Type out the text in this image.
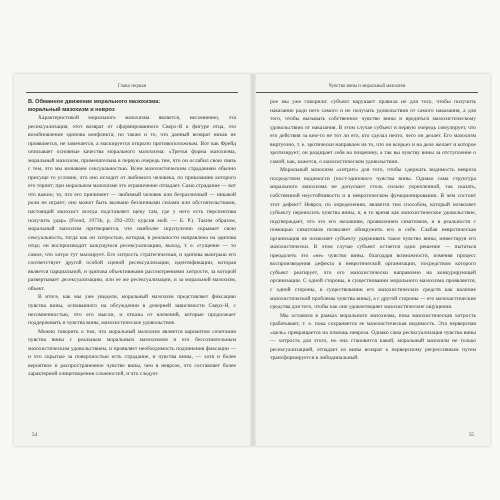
Глава первая

B. Обманное движение морального мазохизма:
моральный мазохизм и невроз

Характеристикой морального мазохизма является, несомненно, эта ресексуализация, этот возврат от сформированного Сверх-Я к фигуре отца, это возобновление эдипова конфликта; но также и то, что данный возврат никак не проявляется, не замечается, а маскируется открыто противоположным. Вот как Фрейд описывает основные качества морального мазохизма: «Третья форма мазохизма, моральный мазохизм, примечательна в первую очередь тем, что он ослабил свою связь с тем, что мы называем сексуальностью. Всем мазохистическим страданиям обычно присуще то условие, что оно исходит от любимого человека, по приказанию которого его терпят; при моральном мазохизме это ограничение отпадает. Само страдание — вот что важно; то, что его причиняет — любимый человек или безразличный — никакой роли не играет; оно может быть вызвано безличными силами или обстоятельствами, настоящий мазохист всегда подставляет щеку там, где у него есть перспектива получить удар» (Freud, 1973b, p. 292–293; курсив мой. — Б. Р.). Таким образом, моральный мазохизм притворяется, что наиболее скрупулезно скрывает свою сексуальность, тогда как он хитростью, которая, в реальности направлена на эдипова отца; он воспроизводит кажущуюся ресексуализацию, выход, т. е. сгущение — то самое, что хитро тут маскирует. Его хитрость стратегическая, и эдипова выигрыш его соответствует другой особой сценой ресексуализации, идентификации, которая является парциальной, и эдипова объективными рассмотрениями хитрости, за которой развертывает десексуализацию, или ее же ресексуализации, и за моральной мазохизм, объект.

В итоге, как мы уже увидели, моральный мазохизм представляет фиксацию чувства вины, основанного на обсуждении в дочерней зависимости Сверх-Я, с несомненностью, что его мысли, и отказы от влечений, которые продолжает поддерживать и чувства вины, мазохистическое удовольствие.

Можно говорить о том, что моральный мазохизм является вариантом сочетания чувства вины с реальным моральным мазохизмом и его бессознательным мазохистическим удовольствием, и проявляет необходимость подчинения фиксации — и что скрытые за поверхностью есть страдание, и чувства вины, — хотя и более вероятное и распространенное чувство вины, чем в неврозе, что составляет более характерной олицетворения сложностей, и что следует.

54

рое мы уже говорили: субъект нарушает правила не для того, чтобы получить наказание ради него самого и не получать удовольствия от самого наказания, а для того, чтобы вызывать собственное чувство вины и вредяться мазохистическому удовольствию от наказания. В этом случае субъект в первую очередь симулирует, что его действия за кем-то не тот ли его, кто сделал нечто, чего он делает. Его мазохизм виртуозно, т. е. эротически направлен на то, что он всерьез и на деле желает и которое эротизирует; он раздирает себя на пощечину, а так вы чувству вины за отступление о самой, как, кажется, о мазохистическом удовольствии.

Моральный мазохизм «хитрит» для того, чтобы сдержать видимость невроза посредством видимости (пост-эдипового чувства вины. Однако сама структура морального мазохизма не допускает столь сильно укрепленной, так сказать, собственной неустойчивости и в невротическом функционировании. В чем состоит этот дефект? Невроз, по определению, является тем способом, который позволяет субъекту переносить чувства вины, и, в то время как мазохистическое удовольствие, подтверждает, что это его желаниям, проявлением симптомов, и в реальности с помощью симптомов позволяет обнаружить его в себе. Слабая невротическая организация не позволяет субъекту удерживать такое чувство вины, инвестируя его мазохистически. В этом случае субъект остается одно решение — пытаться преодолеть это «не» чувство вины, благодаря возможности, изменяя процесс воспроизведения дефекта в невротической организации, посредством которого субъект реагирует, что его мазохистически направлено на конкурирующей организации. С одной стороны, в существовании морального мазохизма проявляется, с одной стороны, в существовании его мазохистических средств как наличие мазохистической проблемы чувства вины), а с другой стороны — его мазохистические средства для того, чтобы как оно удовлетворяет мазохистические ощущения.

Мы остаемся в рамках морального мазохизма, пока мазохистическая хитрость срабатывает, т. е. пока сохраняется ее мазохистическая видимость. Эта перверсная «цель» превращается на помощь невроза. Однако сама ресексуализация чувства вины — хитрость для этого, но она становится какой, моральный мазохизм не только ресексуализацией, отпадает из вины возврат к перверсному регрессивным путем трансформируется в либидинальный.

55
Чувство вины и моральный мазохизм
